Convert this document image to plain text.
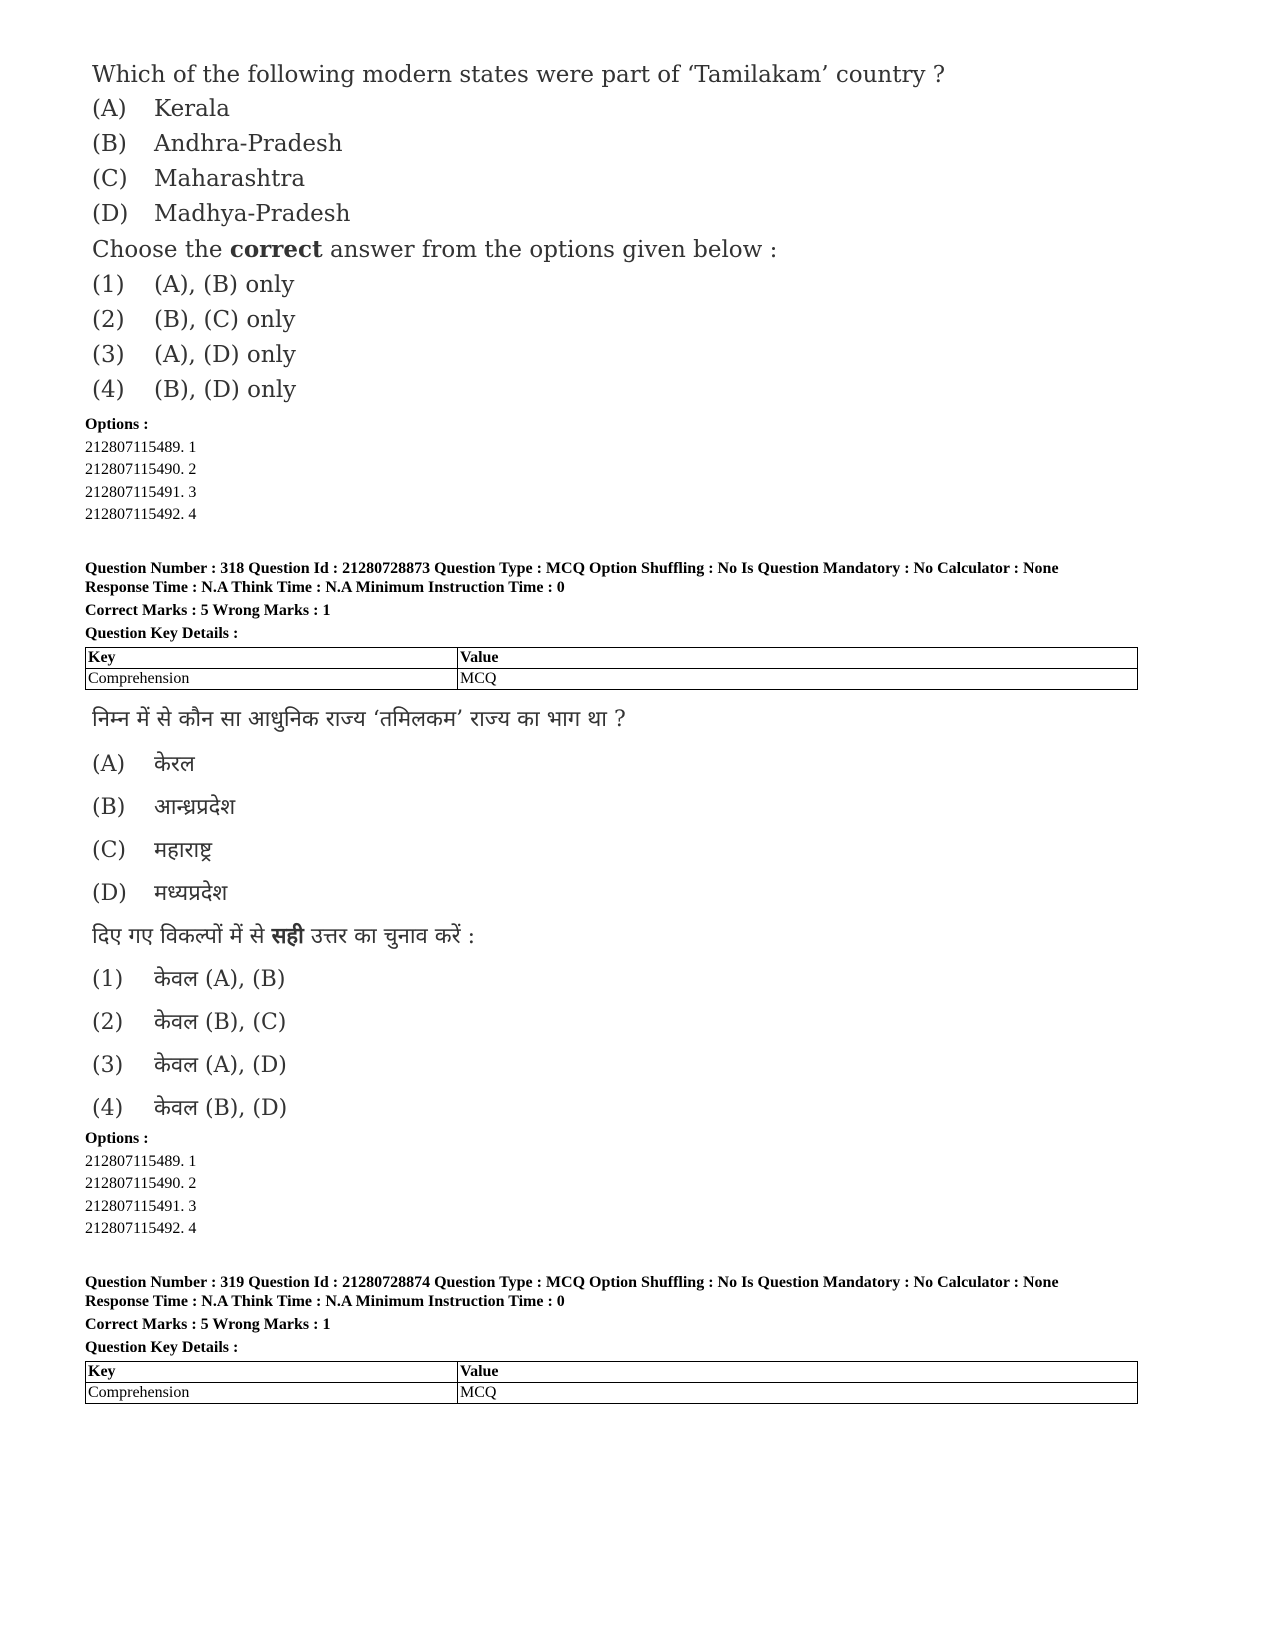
Which of the following modern states were part of ‘Tamilakam’ country ?
(A) Kerala
(B) Andhra-Pradesh
(C) Maharashtra
(D) Madhya-Pradesh
Choose the correct answer from the options given below :
(1) (A), (B) only
(2) (B), (C) only
(3) (A), (D) only
(4) (B), (D) only
Options :
212807115489. 1
212807115490. 2
212807115491. 3
212807115492. 4
Question Number : 318 Question Id : 21280728873 Question Type : MCQ Option Shuffling : No Is Question Mandatory : No Calculator : None
Response Time : N.A Think Time : N.A Minimum Instruction Time : 0
Correct Marks : 5 Wrong Marks : 1
Question Key Details :
Key	Value
Comprehension	MCQ
निम्न में से कौन सा आधुनिक राज्य ‘तमिलकम’ राज्य का भाग था ?
(A) केरल
(B) आन्ध्रप्रदेश
(C) महाराष्ट्र
(D) मध्यप्रदेश
दिए गए विकल्पों में से सही उत्तर का चुनाव करें :
(1) केवल (A), (B)
(2) केवल (B), (C)
(3) केवल (A), (D)
(4) केवल (B), (D)
Options :
212807115489. 1
212807115490. 2
212807115491. 3
212807115492. 4
Question Number : 319 Question Id : 21280728874 Question Type : MCQ Option Shuffling : No Is Question Mandatory : No Calculator : None
Response Time : N.A Think Time : N.A Minimum Instruction Time : 0
Correct Marks : 5 Wrong Marks : 1
Question Key Details :
Key	Value
Comprehension	MCQ
